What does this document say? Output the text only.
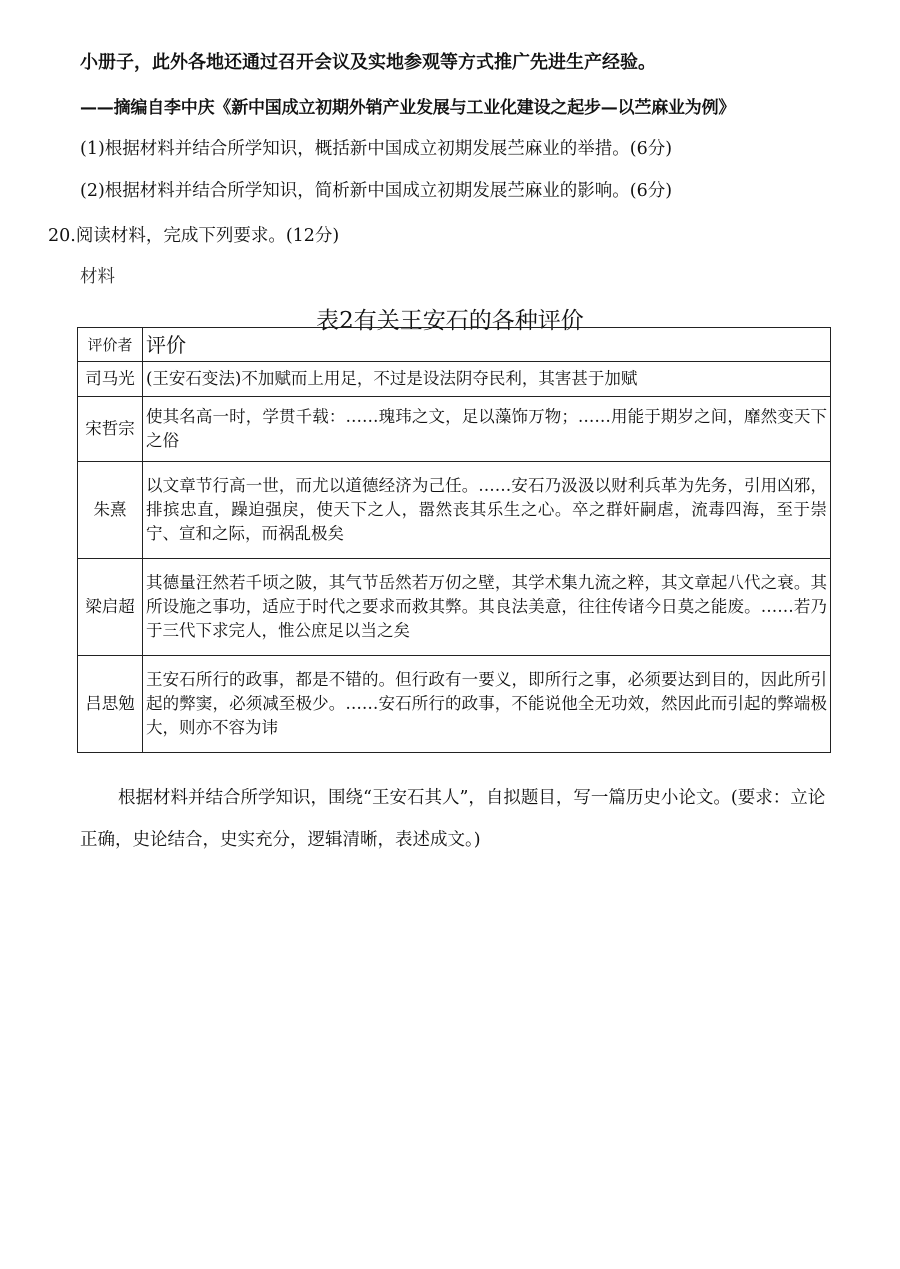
小册子，此外各地还通过召开会议及实地参观等方式推广先进生产经验。
——摘编自李中庆《新中国成立初期外销产业发展与工业化建设之起步—以苎麻业为例》
(1)根据材料并结合所学知识，概括新中国成立初期发展苎麻业的举措。(6分)
(2)根据材料并结合所学知识，简析新中国成立初期发展苎麻业的影响。(6分)
20.阅读材料，完成下列要求。(12分)
材料
表2有关王安石的各种评价
评价者	评价
司马光	(王安石变法)不加赋而上用足，不过是设法阴夺民利，其害甚于加赋
宋哲宗	使其名高一时，学贯千载：……瑰玮之文，足以藻饰万物；……用能于期岁之间，靡然变天下之俗
朱熹	以文章节行高一世，而尤以道德经济为己任。……安石乃汲汲以财利兵革为先务，引用凶邪，排摈忠直，躁迫强戾，使天下之人，嚣然丧其乐生之心。卒之群奸嗣虐，流毒四海，至于崇宁、宣和之际，而祸乱极矣
梁启超	其德量汪然若千顷之陂，其气节岳然若万仞之壁，其学术集九流之粹，其文章起八代之衰。其所设施之事功，适应于时代之要求而救其弊。其良法美意，往往传诸今日莫之能废。……若乃于三代下求完人，惟公庶足以当之矣
吕思勉	王安石所行的政事，都是不错的。但行政有一要义，即所行之事，必须要达到目的，因此所引起的弊窦，必须减至极少。……安石所行的政事，不能说他全无功效，然因此而引起的弊端极大，则亦不容为讳
根据材料并结合所学知识，围绕“王安石其人”，自拟题目，写一篇历史小论文。(要求：立论正确，史论结合，史实充分，逻辑清晰，表述成文。)
